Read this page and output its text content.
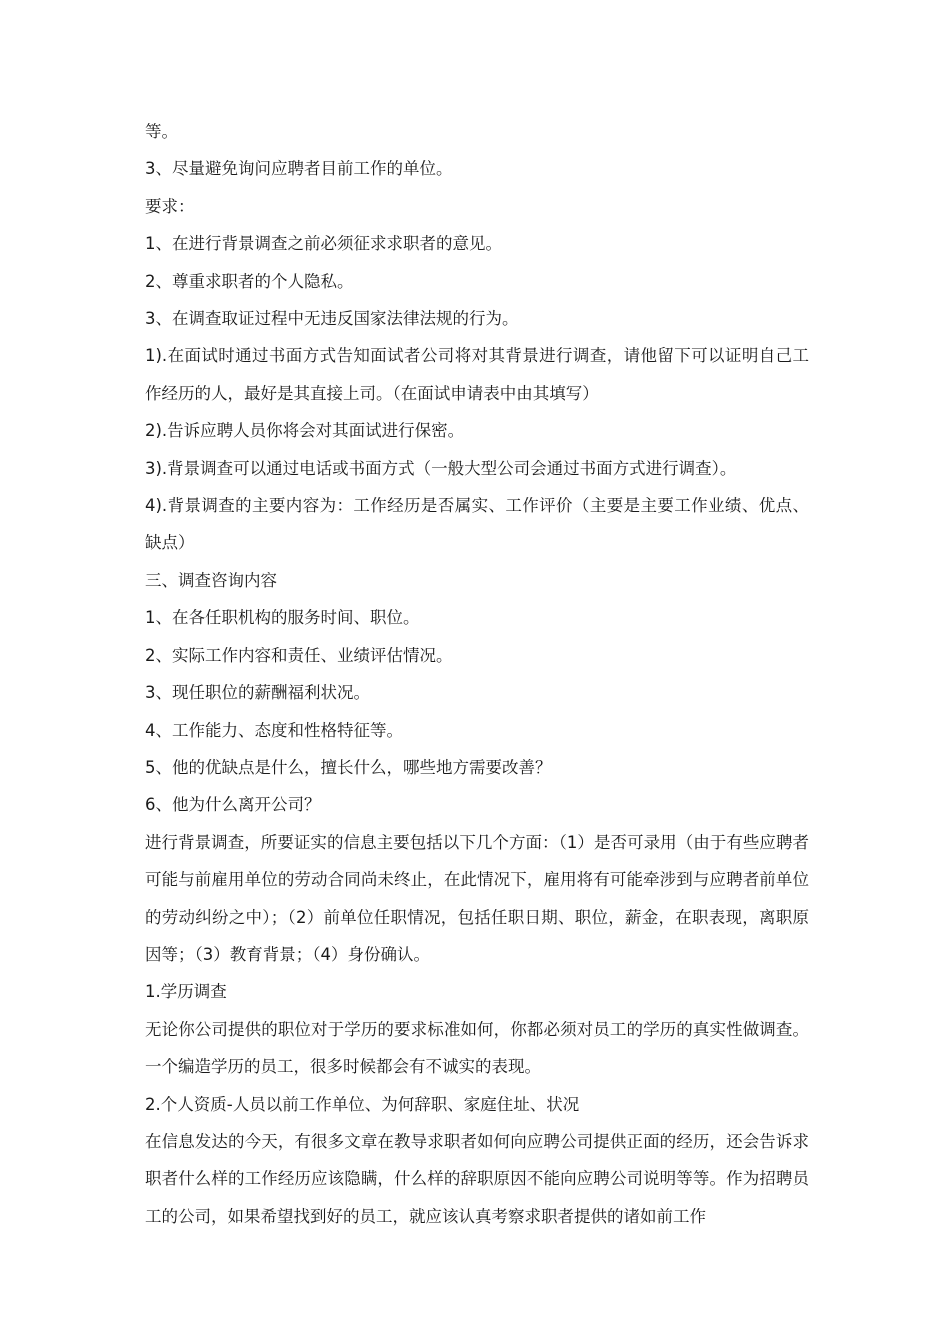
等。

3、尽量避免询问应聘者目前工作的单位。

要求：

1、在进行背景调查之前必须征求求职者的意见。

2、尊重求职者的个人隐私。

3、在调查取证过程中无违反国家法律法规的行为。

1).在面试时通过书面方式告知面试者公司将对其背景进行调查，请他留下可以证明自己工作经历的人，最好是其直接上司。（在面试申请表中由其填写）

2).告诉应聘人员你将会对其面试进行保密。

3).背景调查可以通过电话或书面方式（一般大型公司会通过书面方式进行调查）。

4).背景调查的主要内容为：工作经历是否属实、工作评价（主要是主要工作业绩、优点、缺点）

三、调查咨询内容

1、在各任职机构的服务时间、职位。

2、实际工作内容和责任、业绩评估情况。

3、现任职位的薪酬福利状况。

4、工作能力、态度和性格特征等。

5、他的优缺点是什么，擅长什么，哪些地方需要改善？

6、他为什么离开公司？

进行背景调查，所要证实的信息主要包括以下几个方面：（1）是否可录用（由于有些应聘者可能与前雇用单位的劳动合同尚未终止，在此情况下，雇用将有可能牵涉到与应聘者前单位的劳动纠纷之中）；（2）前单位任职情况，包括任职日期、职位，薪金，在职表现，离职原因等；（3）教育背景；（4）身份确认。

1.学历调查

无论你公司提供的职位对于学历的要求标准如何，你都必须对员工的学历的真实性做调查。一个编造学历的员工，很多时候都会有不诚实的表现。

2.个人资质-人员以前工作单位、为何辞职、家庭住址、状况

在信息发达的今天，有很多文章在教导求职者如何向应聘公司提供正面的经历，还会告诉求职者什么样的工作经历应该隐瞒，什么样的辞职原因不能向应聘公司说明等等。作为招聘员工的公司，如果希望找到好的员工，就应该认真考察求职者提供的诸如前工作
